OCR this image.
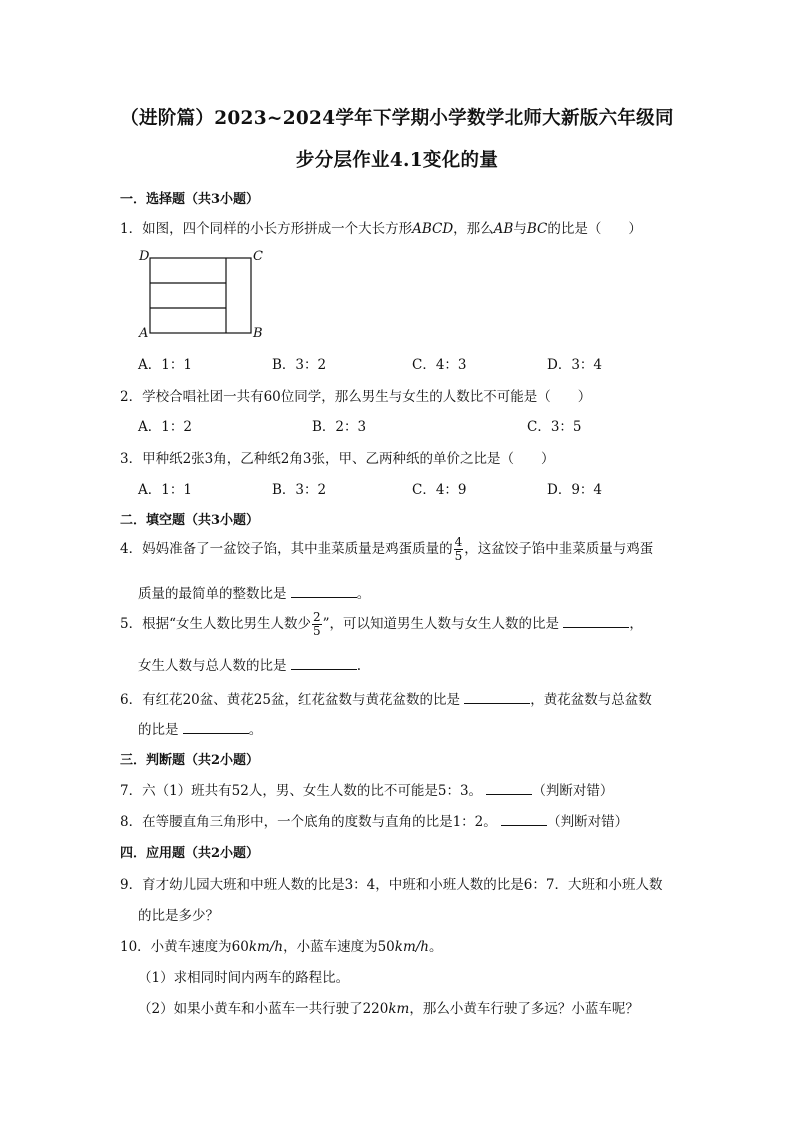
（进阶篇）2023~2024学年下学期小学数学北师大新版六年级同
步分层作业4.1变化的量
一．选择题（共3小题）
1．如图，四个同样的小长方形拼成一个大长方形ABCD，那么AB与BC的比是（　　）
D	C
A	B
A．1：1	B．3：2	C．4：3	D．3：4
2．学校合唱社团一共有60位同学，那么男生与女生的人数比不可能是（　　）
A．1：2	B．2：3	C．3：5
3．甲种纸2张3角，乙种纸2角3张，甲、乙两种纸的单价之比是（　　）
A．1：1	B．3：2	C．4：9	D．9：4
二．填空题（共3小题）
4．妈妈准备了一盆饺子馅，其中韭菜质量是鸡蛋质量的 $\frac{4}{5}$ ，这盆饺子馅中韭菜质量与鸡蛋
质量的最简单的整数比是	。
5．根据“女生人数比男生人数少 $\frac{2}{5}$ ”，可以知道男生人数与女生人数的比是	，
女生人数与总人数的比是	.
6．有红花20盆、黄花25盆，红花盆数与黄花盆数的比是	，黄花盆数与总盆数
的比是	。
三．判断题（共2小题）
7．六（1）班共有52人，男、女生人数的比不可能是5：3。	（判断对错）
8．在等腰直角三角形中，一个底角的度数与直角的比是1：2。	（判断对错）
四．应用题（共2小题）
9．育才幼儿园大班和中班人数的比是3：4，中班和小班人数的比是6：7．大班和小班人数
的比是多少？
10．小黄车速度为60km/h，小蓝车速度为50km/h。
（1）求相同时间内两车的路程比。
（2）如果小黄车和小蓝车一共行驶了220km，那么小黄车行驶了多远？小蓝车呢？
